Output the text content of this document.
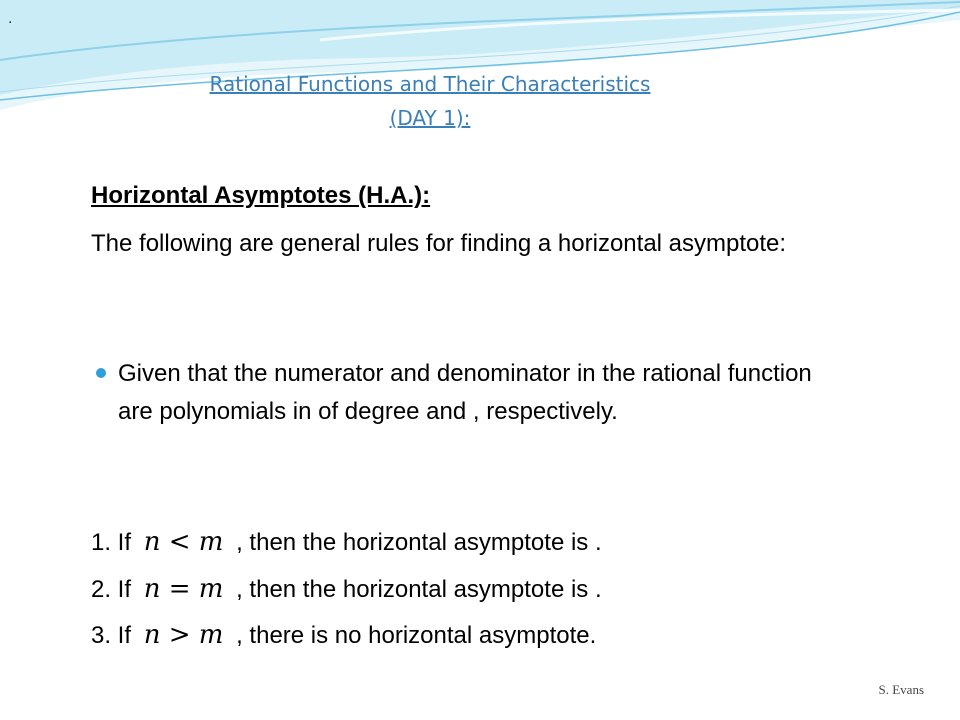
.
Rational Functions and Their Characteristics
(DAY 1):
Horizontal Asymptotes (H.A.):
The following are general rules for finding a horizontal asymptote:
Given that the numerator and denominator in the rational function are polynomials in of degree and , respectively.
1. If n < m , then the horizontal asymptote is .
2. If n = m , then the horizontal asymptote is .
3. If n > m , there is no horizontal asymptote.
S. Evans
